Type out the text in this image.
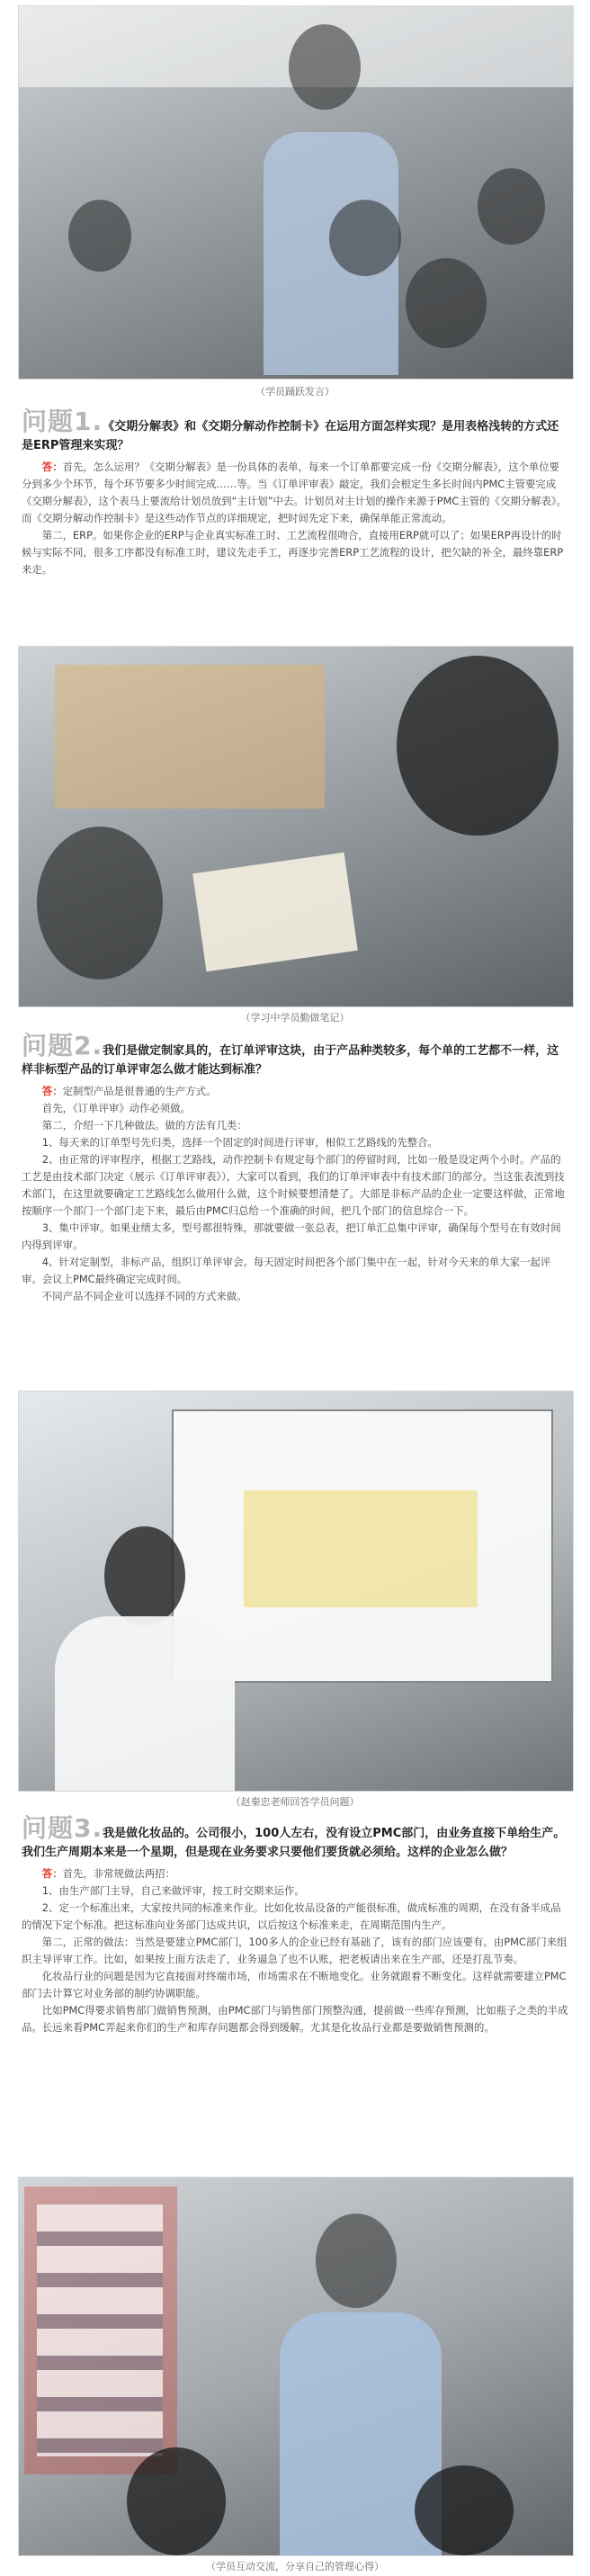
（学员踊跃发言）

问题1.《交期分解表》和《交期分解动作控制卡》在运用方面怎样实现？是用表格浅转的方式还是ERP管理来实现？

答：首先，怎么运用？《交期分解表》是一份具体的表单，每来一个订单都要完成一份《交期分解表》，这个单位要分到多少个环节，每个环节要多少时间完成……等。当《订单评审表》敲定，我们会根定生多长时间内PMC主管要完成《交期分解表》，这个表马上要流给计划员放到“主计划”中去。计划员对主计划的操作来源于PMC主管的《交期分解表》。而《交期分解动作控制卡》是这些动作节点的详细规定，把时间先定下来，确保单能正常流动。

第二，ERP。如果你企业的ERP与企业真实标准工时、工艺流程很吻合，直接用ERP就可以了；如果ERP再设计的时候与实际不同，很多工序都没有标准工时，建议先走手工，再逐步完善ERP工艺流程的设计，把欠缺的补全，最终靠ERP来走。

（学习中学员勤做笔记）

问题2.我们是做定制家具的，在订单评审这块，由于产品种类较多，每个单的工艺都不一样，这样非标型产品的订单评审怎么做才能达到标准？

答：定制型产品是很普通的生产方式。

首先，《订单评审》动作必须做。

第二，介绍一下几种做法。做的方法有几类：

1、每天来的订单型号先归类，选择一个固定的时间进行评审，相似工艺路线的先整合。

2、由正常的评审程序，根据工艺路线，动作控制卡有规定每个部门的停留时间，比如一般是设定两个小时。产品的工艺是由技术部门决定（展示《订单评审表》），大家可以看到，我们的订单评审表中有技术部门的部分。当这张表流到技术部门，在这里就要确定工艺路线怎么做用什么做，这个时候要想清楚了。大部是非标产品的企业一定要这样做，正常地按顺序一个部门一个部门走下来，最后由PMC归总给一个准确的时间，把几个部门的信息综合一下。

3、集中评审。如果业绩太多，型号都很特殊，那就要做一张总表，把订单汇总集中评审，确保每个型号在有效时间内得到评审。

4、针对定制型，非标产品，组织订单评审会。每天固定时间把各个部门集中在一起，针对今天来的单大家一起评审。会议上PMC最终确定完成时间。

不同产品不同企业可以选择不同的方式来做。

（赵秦忠老师回答学员问题）

问题3.我是做化妆品的。公司很小，100人左右，没有设立PMC部门，由业务直接下单给生产。我们生产周期本来是一个星期，但是现在业务要求只要他们要货就必须给。这样的企业怎么做？

答：首先，非常规做法两招：

1、由生产部门主导，自己来做评审，按工时交期来运作。

2、定一个标准出来，大家按共同的标准来作业。比如化妆品设备的产能很标准，做成标准的周期，在没有备半成品的情况下定个标准。把这标准向业务部门达成共识，以后按这个标准来走，在周期范围内生产。

第二，正常的做法：当然是要建立PMC部门，100多人的企业已经有基础了，该有的部门应该要有。由PMC部门来组织主导评审工作。比如，如果按上面方法走了，业务逼急了也不认账，把老板请出来在生产部，还是打乱节奏。

化妆品行业的问题是因为它直接面对终端市场，市场需求在不断地变化。业务就跟着不断变化。这样就需要建立PMC部门去计算它对业务部的制约协调职能。

比如PMC得要求销售部门做销售预测，由PMC部门与销售部门预整沟通，提前做一些库存预测，比如瓶子之类的半成品。长远来看PMC弄起来你们的生产和库存问题都会得到缓解。尤其是化妆品行业都是要做销售预测的。

（学员互动交流，分享自己的管理心得）
